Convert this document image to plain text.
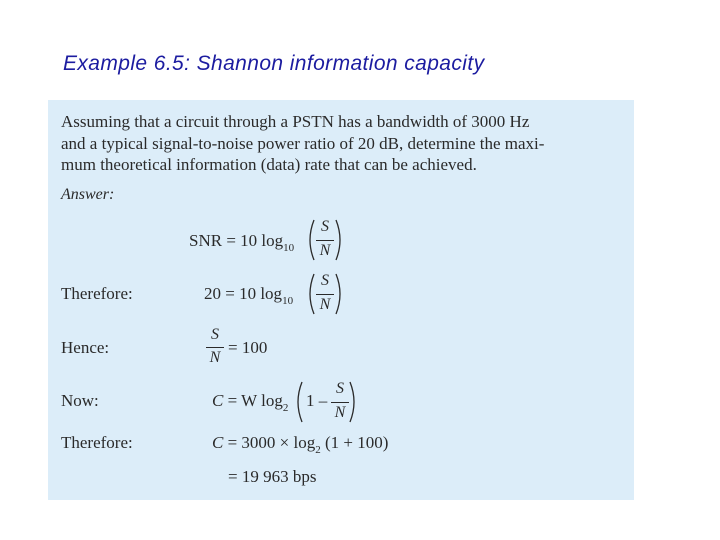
Example 6.5: Shannon information capacity
Assuming that a circuit through a PSTN has a bandwidth of 3000 Hz
and a typical signal-to-noise power ratio of 20 dB, determine the maxi-
mum theoretical information (data) rate that can be achieved.
Answer:
SNR = 10 $\log_{10}$
S
N
Therefore:	20 = 10 $\log_{10}$
S
N
Hence:
S
N
= 100
Now:	C = W $\log_2 1$ –
S
N
Therefore:	$C = 3000 \times \log_2 (1 + 100)$
= 19 963 bps
